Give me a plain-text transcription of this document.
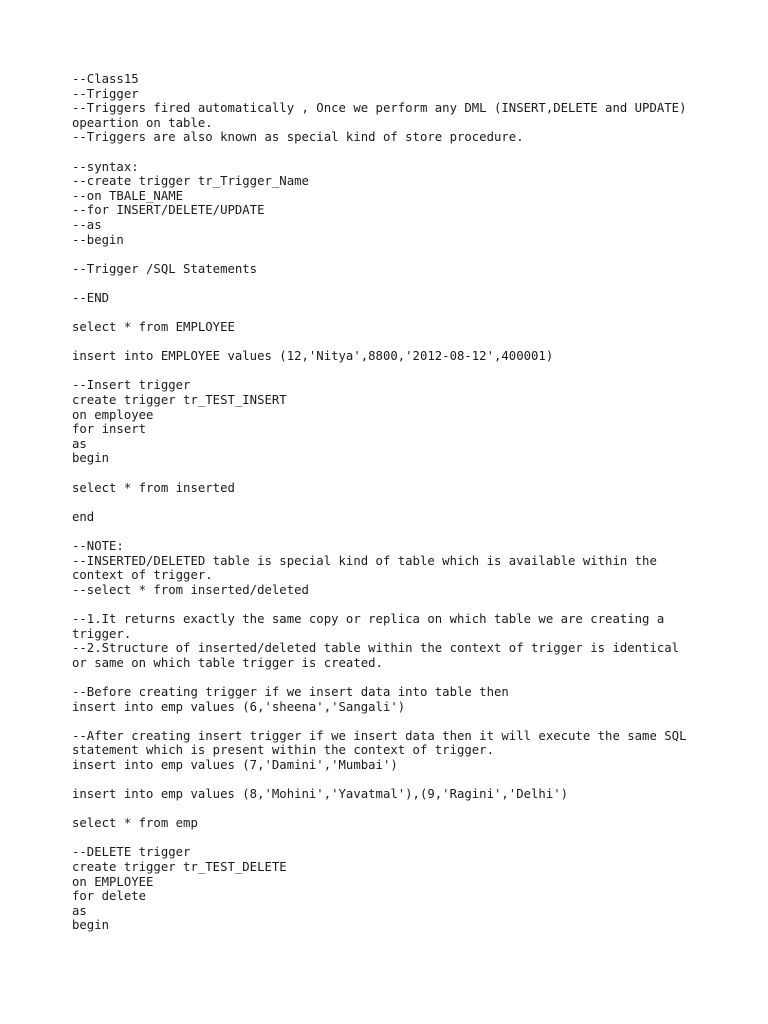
--Class15
--Trigger
--Triggers fired automatically , Once we perform any DML (INSERT,DELETE and UPDATE)
opeartion on table.
--Triggers are also known as special kind of store procedure.
--syntax:
--create trigger tr_Trigger_Name
--on TBALE_NAME
--for INSERT/DELETE/UPDATE
--as
--begin
--Trigger /SQL Statements
--END
select * from EMPLOYEE
insert into EMPLOYEE values (12,'Nitya',8800,'2012-08-12',400001)
--Insert trigger
create trigger tr_TEST_INSERT
on employee
for insert
as
begin
select * from inserted
end
--NOTE:
--INSERTED/DELETED table is special kind of table which is available within the
context of trigger.
--select * from inserted/deleted
--1.It returns exactly the same copy or replica on which table we are creating a
trigger.
--2.Structure of inserted/deleted table within the context of trigger is identical
or same on which table trigger is created.
--Before creating trigger if we insert data into table then
insert into emp values (6,'sheena','Sangali')
--After creating insert trigger if we insert data then it will execute the same SQL
statement which is present within the context of trigger.
insert into emp values (7,'Damini','Mumbai')
insert into emp values (8,'Mohini','Yavatmal'),(9,'Ragini','Delhi')
select * from emp
--DELETE trigger
create trigger tr_TEST_DELETE
on EMPLOYEE
for delete
as
begin
